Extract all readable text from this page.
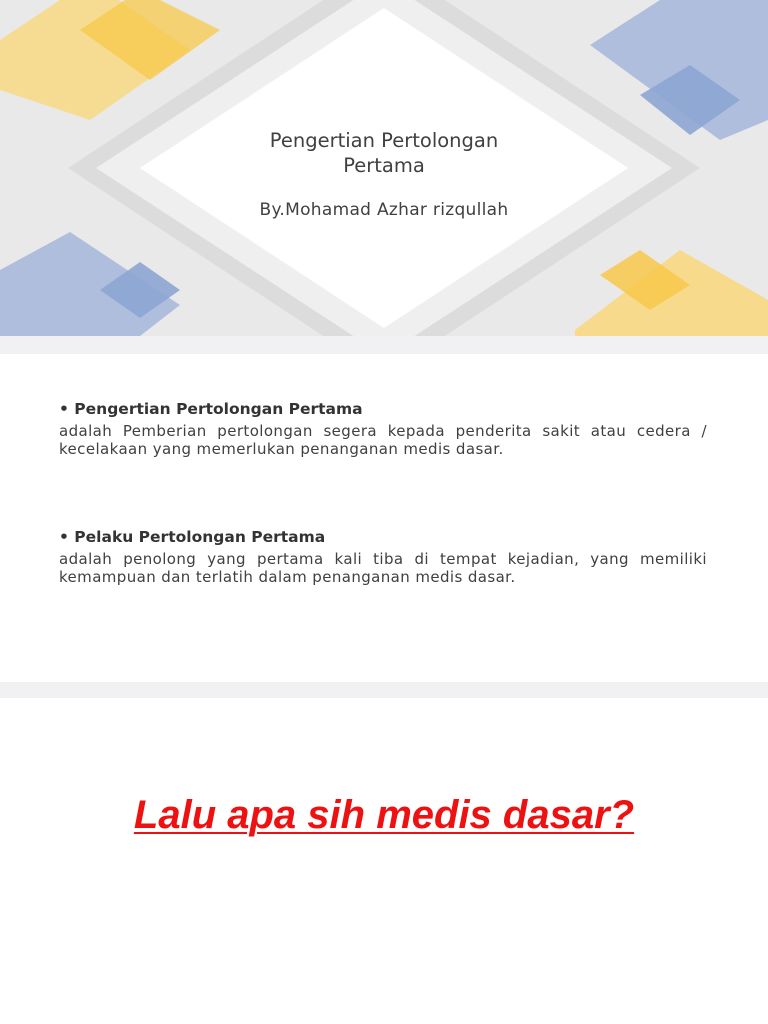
Pengertian Pertolongan
Pertama

By.Mohamad Azhar rizqullah

• Pengertian Pertolongan Pertama

adalah Pemberian pertolongan segera kepada penderita sakit atau cedera / kecelakaan yang memerlukan penanganan medis dasar.

• Pelaku Pertolongan Pertama

adalah penolong yang pertama kali tiba di tempat kejadian, yang memiliki kemampuan dan terlatih dalam penanganan medis dasar.

Lalu apa sih medis dasar?
